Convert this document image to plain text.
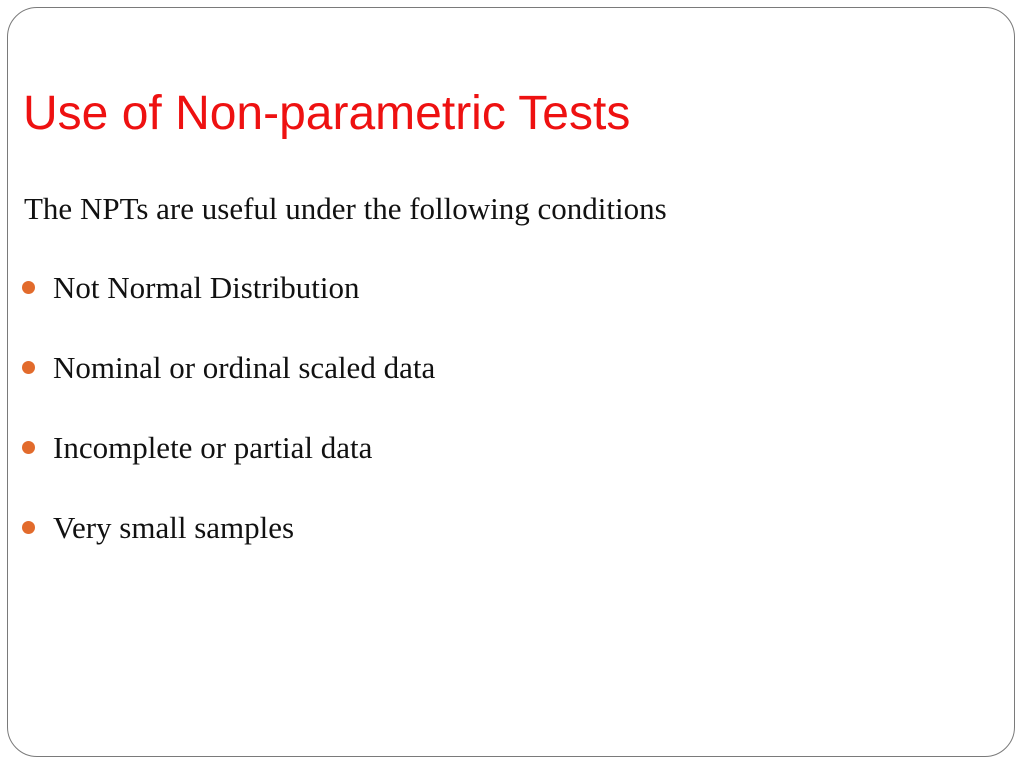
Use of Non-parametric Tests

The NPTs are useful under the following conditions

Not Normal Distribution
Nominal or ordinal scaled data
Incomplete or partial data
Very small samples
